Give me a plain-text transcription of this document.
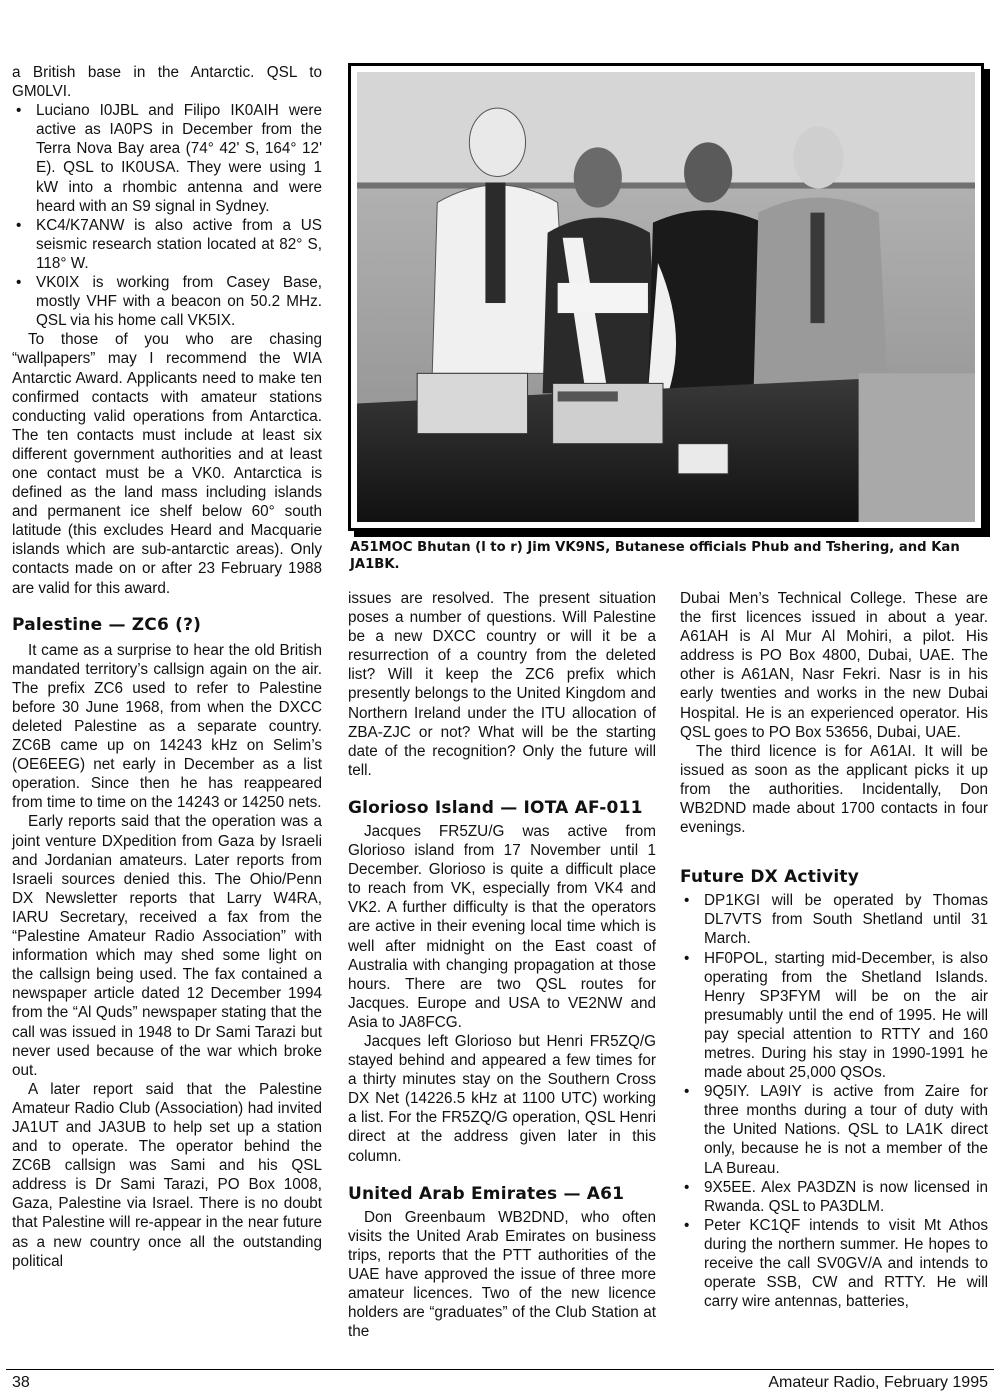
a British base in the Antarctic. QSL to GM0LVI.

• Luciano I0JBL and Filipo IK0AIH were active as IA0PS in December from the Terra Nova Bay area (74° 42' S, 164° 12' E). QSL to IK0USA. They were using 1 kW into a rhombic antenna and were heard with an S9 signal in Sydney.
• KC4/K7ANW is also active from a US seismic research station located at 82° S, 118° W.
• VK0IX is working from Casey Base, mostly VHF with a beacon on 50.2 MHz. QSL via his home call VK5IX.

To those of you who are chasing “wallpapers” may I recommend the WIA Antarctic Award. Applicants need to make ten confirmed contacts with amateur stations conducting valid operations from Antarctica. The ten contacts must include at least six different government authorities and at least one contact must be a VK0. Antarctica is defined as the land mass including islands and permanent ice shelf below 60° south latitude (this excludes Heard and Macquarie islands which are sub-antarctic areas). Only contacts made on or after 23 February 1988 are valid for this award.

Palestine — ZC6 (?)

It came as a surprise to hear the old British mandated territory’s callsign again on the air. The prefix ZC6 used to refer to Palestine before 30 June 1968, from when the DXCC deleted Palestine as a separate country. ZC6B came up on 14243 kHz on Selim’s (OE6EEG) net early in December as a list operation. Since then he has reappeared from time to time on the 14243 or 14250 nets.

Early reports said that the operation was a joint venture DXpedition from Gaza by Israeli and Jordanian amateurs. Later reports from Israeli sources denied this. The Ohio/Penn DX Newsletter reports that Larry W4RA, IARU Secretary, received a fax from the “Palestine Amateur Radio Association” with information which may shed some light on the callsign being used. The fax contained a newspaper article dated 12 December 1994 from the “Al Quds” newspaper stating that the call was issued in 1948 to Dr Sami Tarazi but never used because of the war which broke out.

A later report said that the Palestine Amateur Radio Club (Association) had invited JA1UT and JA3UB to help set up a station and to operate. The operator behind the ZC6B callsign was Sami and his QSL address is Dr Sami Tarazi, PO Box 1008, Gaza, Palestine via Israel. There is no doubt that Palestine will re-appear in the near future as a new country once all the outstanding political

A51MOC Bhutan (l to r) Jim VK9NS, Butanese officials Phub and Tshering, and Kan JA1BK.

issues are resolved. The present situation poses a number of questions. Will Palestine be a new DXCC country or will it be a resurrection of a country from the deleted list? Will it keep the ZC6 prefix which presently belongs to the United Kingdom and Northern Ireland under the ITU allocation of ZBA-ZJC or not? What will be the starting date of the recognition? Only the future will tell.

Glorioso Island — IOTA AF-011

Jacques FR5ZU/G was active from Glorioso island from 17 November until 1 December. Glorioso is quite a difficult place to reach from VK, especially from VK4 and VK2. A further difficulty is that the operators are active in their evening local time which is well after midnight on the East coast of Australia with changing propagation at those hours. There are two QSL routes for Jacques. Europe and USA to VE2NW and Asia to JA8FCG.

Jacques left Glorioso but Henri FR5ZQ/G stayed behind and appeared a few times for a thirty minutes stay on the Southern Cross DX Net (14226.5 kHz at 1100 UTC) working a list. For the FR5ZQ/G operation, QSL Henri direct at the address given later in this column.

United Arab Emirates — A61

Don Greenbaum WB2DND, who often visits the United Arab Emirates on business trips, reports that the PTT authorities of the UAE have approved the issue of three more amateur licences. Two of the new licence holders are “graduates” of the Club Station at the

Dubai Men’s Technical College. These are the first licences issued in about a year. A61AH is Al Mur Al Mohiri, a pilot. His address is PO Box 4800, Dubai, UAE. The other is A61AN, Nasr Fekri. Nasr is in his early twenties and works in the new Dubai Hospital. He is an experienced operator. His QSL goes to PO Box 53656, Dubai, UAE.

The third licence is for A61AI. It will be issued as soon as the applicant picks it up from the authorities. Incidentally, Don WB2DND made about 1700 contacts in four evenings.

Future DX Activity
• DP1KGI will be operated by Thomas DL7VTS from South Shetland until 31 March.
• HF0POL, starting mid-December, is also operating from the Shetland Islands. Henry SP3FYM will be on the air presumably until the end of 1995. He will pay special attention to RTTY and 160 metres. During his stay in 1990-1991 he made about 25,000 QSOs.
• 9Q5IY. LA9IY is active from Zaire for three months during a tour of duty with the United Nations. QSL to LA1K direct only, because he is not a member of the LA Bureau.
• 9X5EE. Alex PA3DZN is now licensed in Rwanda. QSL to PA3DLM.
• Peter KC1QF intends to visit Mt Athos during the northern summer. He hopes to receive the call SV0GV/A and intends to operate SSB, CW and RTTY. He will carry wire antennas, batteries,
38	Amateur Radio, February 1995
